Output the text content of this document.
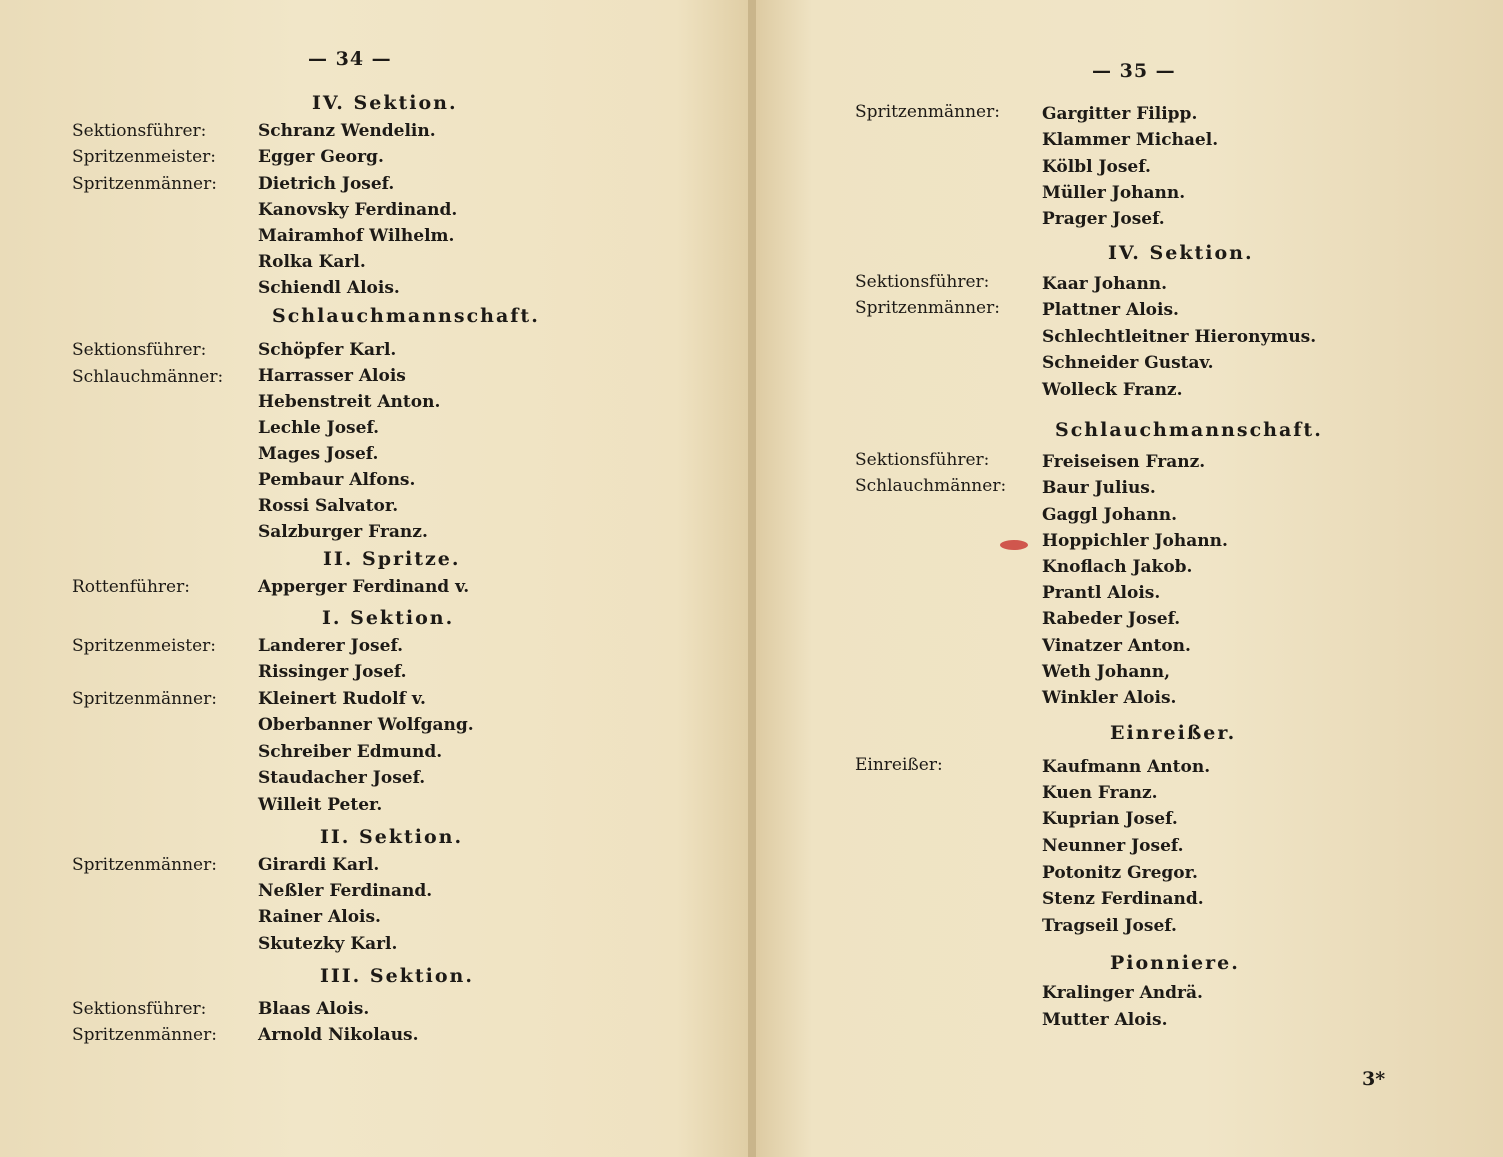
— 34 —
IV. Sektion.
Schlauchmannschaft.
II. Spritze.
I. Sektion.
II. Sektion.
III. Sektion.
Sektionsführer:
Spritzenmeister:
Spritzenmänner:
Sektionsführer:
Schlauchmänner:
Rottenführer:
Spritzenmeister:
Spritzenmänner:
Spritzenmänner:
Sektionsführer:
Spritzenmänner:
Schranz Wendelin.
Egger Georg.
Dietrich Josef.
Kanovsky Ferdinand.
Mairamhof Wilhelm.
Rolka Karl.
Schiendl Alois.
Schöpfer Karl.
Harrasser Alois
Hebenstreit Anton.
Lechle Josef.
Mages Josef.
Pembaur Alfons.
Rossi Salvator.
Salzburger Franz.
Apperger Ferdinand v.
Landerer Josef.
Rissinger Josef.
Kleinert Rudolf v.
Oberbanner Wolfgang.
Schreiber Edmund.
Staudacher Josef.
Willeit Peter.
Girardi Karl.
Neßler Ferdinand.
Rainer Alois.
Skutezky Karl.
Blaas Alois.
Arnold Nikolaus.
— 35 —
IV. Sektion.
Schlauchmannschaft.
Einreißer.
Pionniere.
Spritzenmänner:
Sektionsführer:
Spritzenmänner:
Sektionsführer:
Schlauchmänner:
Einreißer:
Gargitter Filipp.
Klammer Michael.
Kölbl Josef.
Müller Johann.
Prager Josef.
Kaar Johann.
Plattner Alois.
Schlechtleitner Hieronymus.
Schneider Gustav.
Wolleck Franz.
Freiseisen Franz.
Baur Julius.
Gaggl Johann.
Hoppichler Johann.
Knoflach Jakob.
Prantl Alois.
Rabeder Josef.
Vinatzer Anton.
Weth Johann,
Winkler Alois.
Kaufmann Anton.
Kuen Franz.
Kuprian Josef.
Neunner Josef.
Potonitz Gregor.
Stenz Ferdinand.
Tragseil Josef.
Kralinger Andrä.
Mutter Alois.
3*
